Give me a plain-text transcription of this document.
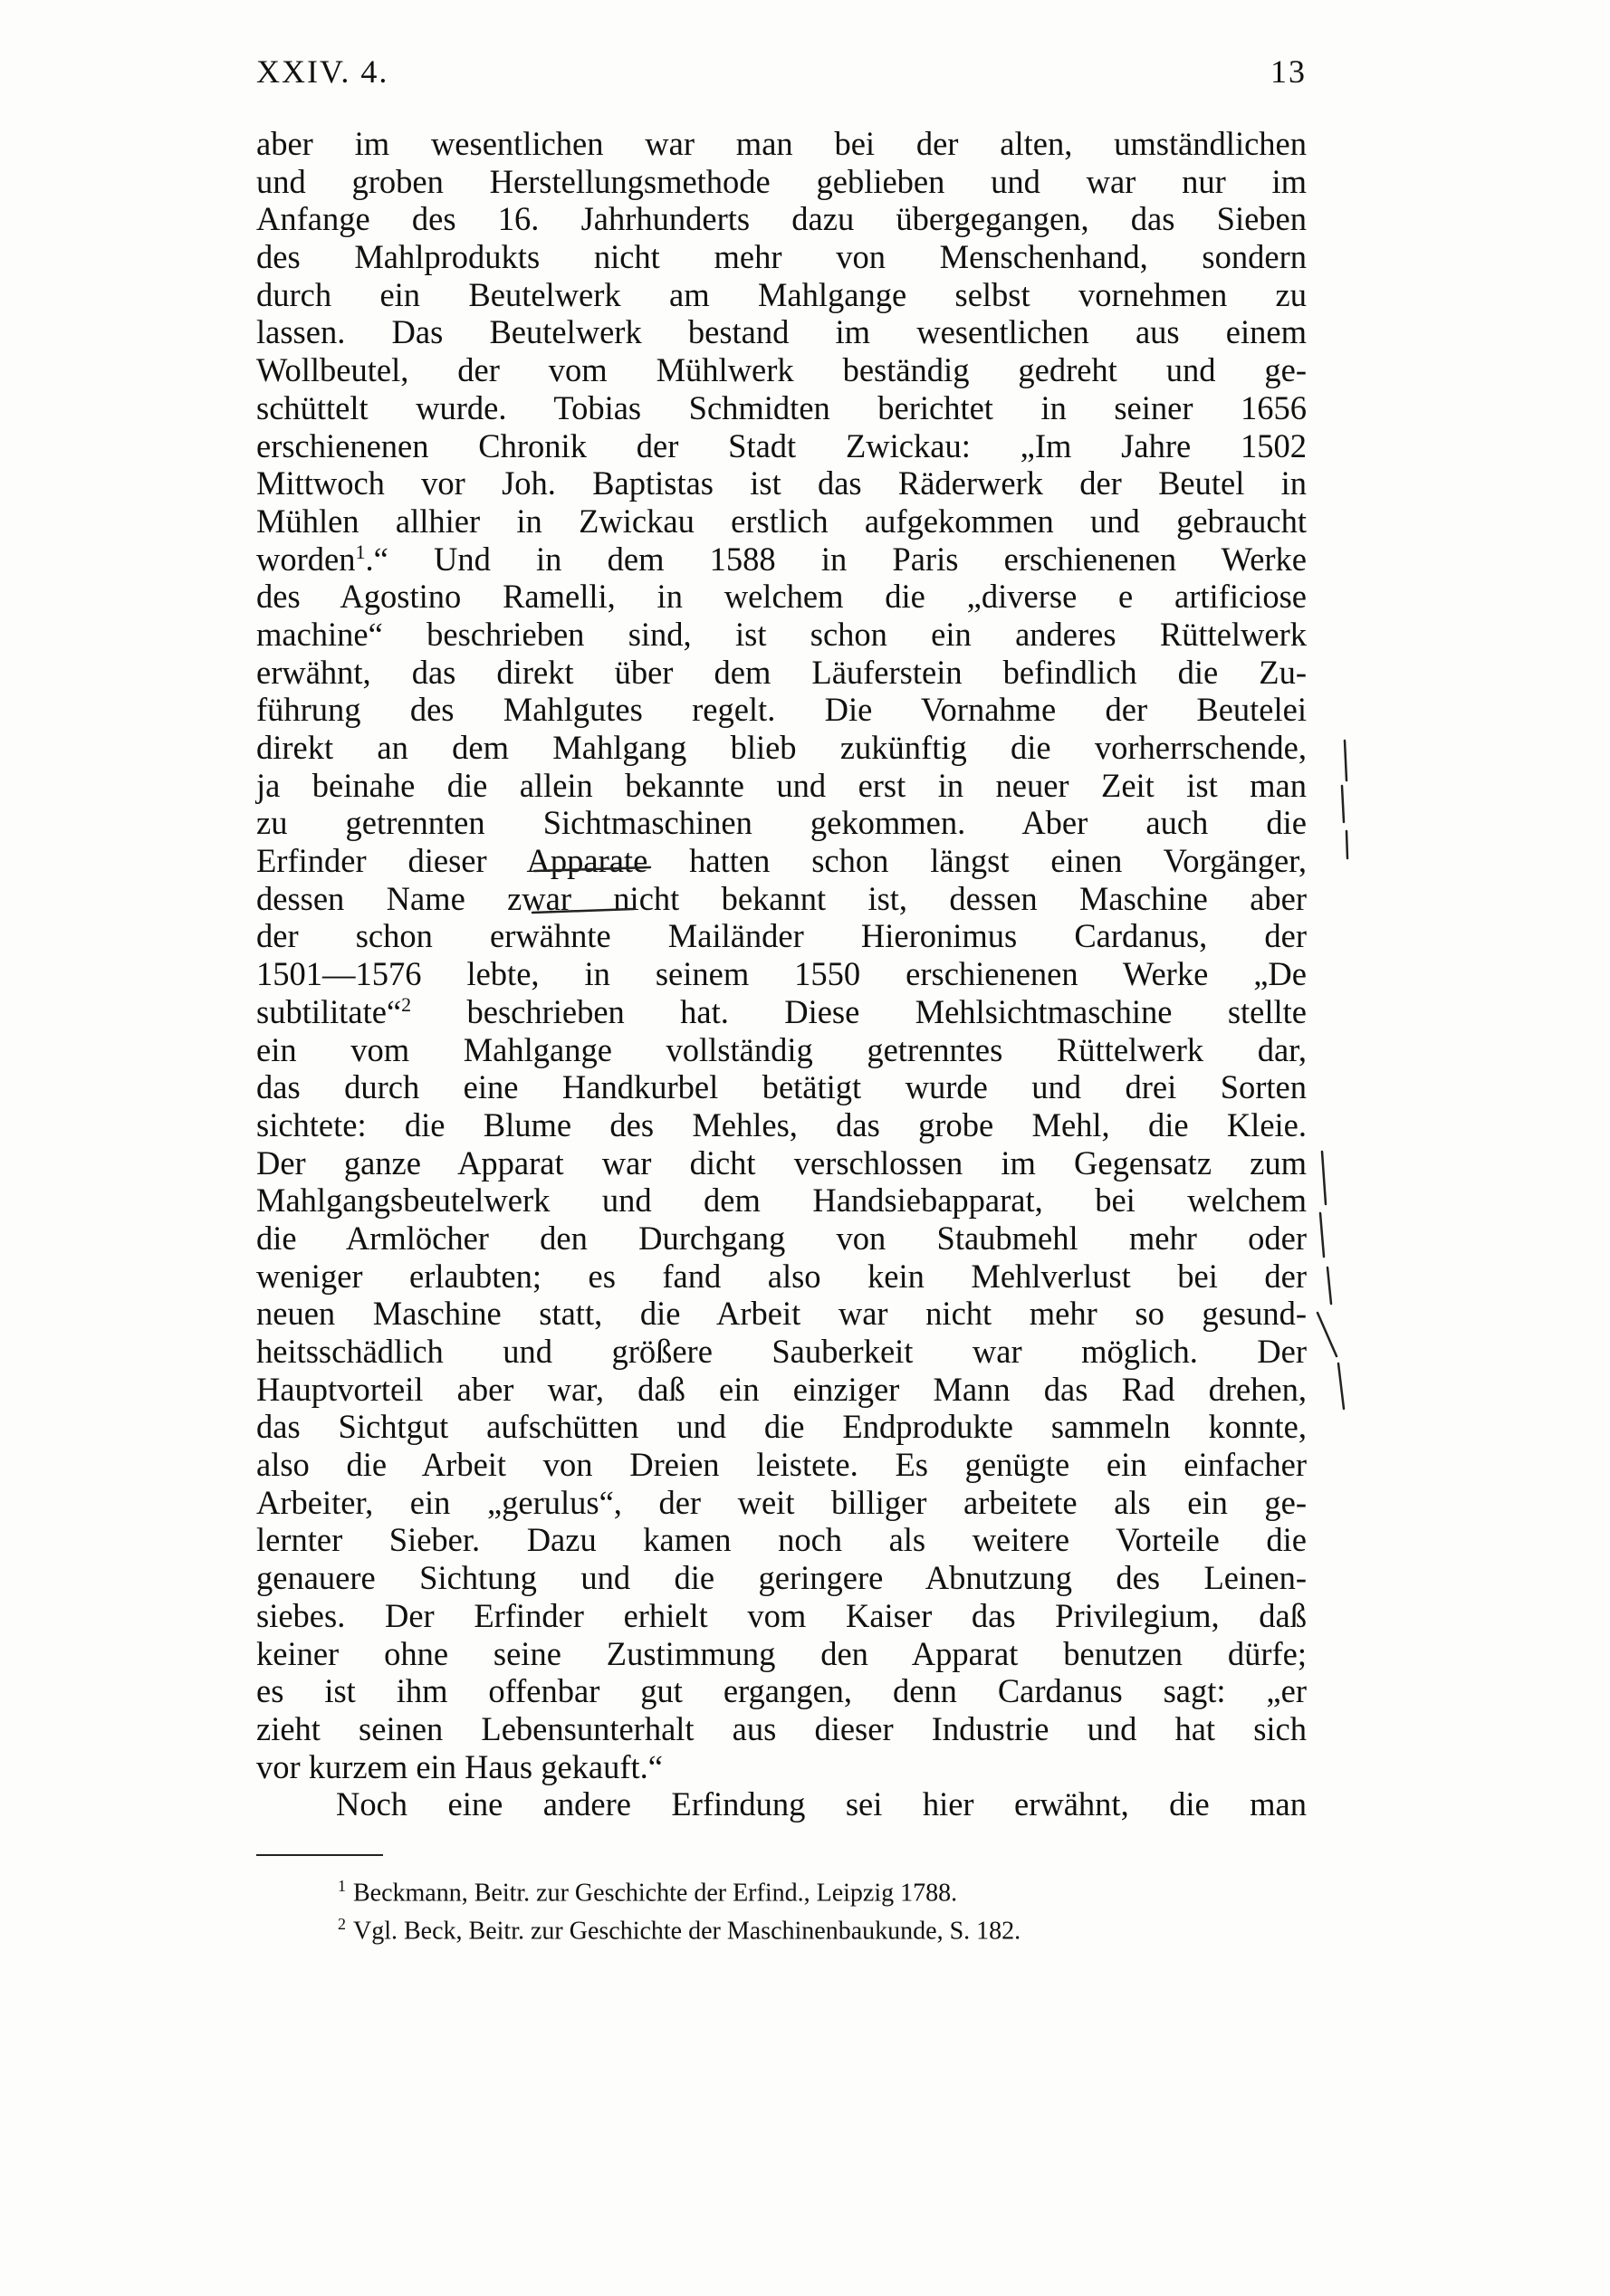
XXIV. 4.	13
aber im wesentlichen war man bei der alten, umständlichen
und groben Herstellungsmethode geblieben und war nur im
Anfange des 16. Jahrhunderts dazu übergegangen, das Sieben
des Mahlprodukts nicht mehr von Menschenhand, sondern
durch ein Beutelwerk am Mahlgange selbst vornehmen zu
lassen. Das Beutelwerk bestand im wesentlichen aus einem
Wollbeutel, der vom Mühlwerk beständig gedreht und ge-
schüttelt wurde. Tobias Schmidten berichtet in seiner 1656
erschienenen Chronik der Stadt Zwickau: „Im Jahre 1502
Mittwoch vor Joh. Baptistas ist das Räderwerk der Beutel in
Mühlen allhier in Zwickau erstlich aufgekommen und gebraucht
worden$^1$.“ Und in dem 1588 in Paris erschienenen Werke
des Agostino Ramelli, in welchem die „diverse e artificiose
machine“ beschrieben sind, ist schon ein anderes Rüttelwerk
erwähnt, das direkt über dem Läuferstein befindlich die Zu-
führung des Mahlgutes regelt. Die Vornahme der Beutelei
direkt an dem Mahlgang blieb zukünftig die vorherrschende,
ja beinahe die allein bekannte und erst in neuer Zeit ist man
zu getrennten Sichtmaschinen gekommen. Aber auch die
Erfinder dieser Apparate hatten schon längst einen Vorgänger,
dessen Name zwar nicht bekannt ist, dessen Maschine aber
der schon erwähnte Mailänder Hieronimus Cardanus, der
1501—1576 lebte, in seinem 1550 erschienenen Werke „De
subtilitate“$^2$ beschrieben hat. Diese Mehlsichtmaschine stellte
ein vom Mahlgange vollständig getrenntes Rüttelwerk dar,
das durch eine Handkurbel betätigt wurde und drei Sorten
sichtete: die Blume des Mehles, das grobe Mehl, die Kleie.
Der ganze Apparat war dicht verschlossen im Gegensatz zum
Mahlgangsbeutelwerk und dem Handsiebapparat, bei welchem
die Armlöcher den Durchgang von Staubmehl mehr oder
weniger erlaubten; es fand also kein Mehlverlust bei der
neuen Maschine statt, die Arbeit war nicht mehr so gesund-
heitsschädlich und größere Sauberkeit war möglich. Der
Hauptvorteil aber war, daß ein einziger Mann das Rad drehen,
das Sichtgut aufschütten und die Endprodukte sammeln konnte,
also die Arbeit von Dreien leistete. Es genügte ein einfacher
Arbeiter, ein „gerulus“, der weit billiger arbeitete als ein ge-
lernter Sieber. Dazu kamen noch als weitere Vorteile die
genauere Sichtung und die geringere Abnutzung des Leinen-
siebes. Der Erfinder erhielt vom Kaiser das Privilegium, daß
keiner ohne seine Zustimmung den Apparat benutzen dürfe;
es ist ihm offenbar gut ergangen, denn Cardanus sagt: „er
zieht seinen Lebensunterhalt aus dieser Industrie und hat sich
vor kurzem ein Haus gekauft.“
Noch eine andere Erfindung sei hier erwähnt, die man
$^1$ Beckmann, Beitr. zur Geschichte der Erfind., Leipzig 1788.
$^2$ Vgl. Beck, Beitr. zur Geschichte der Maschinenbaukunde, S. 182.
